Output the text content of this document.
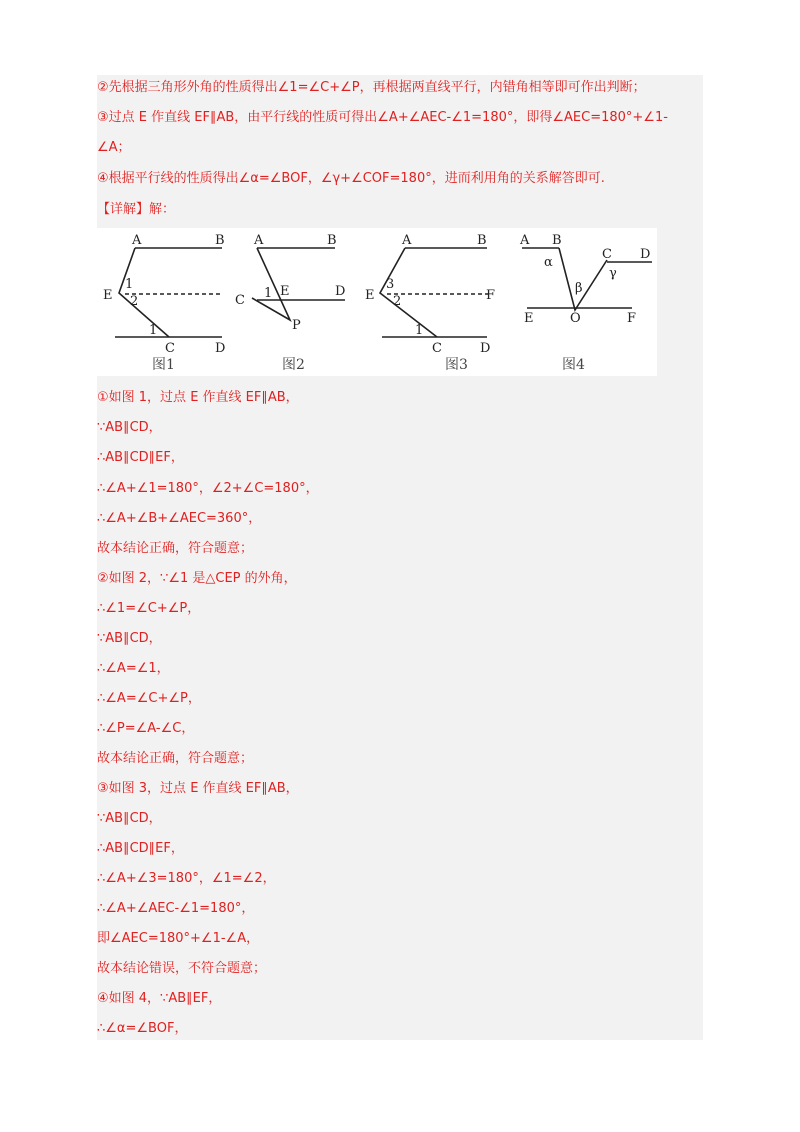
②先根据三角形外角的性质得出∠1=∠C+∠P，再根据两直线平行，内错角相等即可作出判断；
③过点 E 作直线 EF∥AB，由平行线的性质可得出∠A+∠AEC-∠1=180°，即得∠AEC=180°+∠1-
∠A；
④根据平行线的性质得出∠α=∠BOF，∠γ+∠COF=180°，进而利用角的关系解答即可.
【详解】解：
A	B
E
1
2
1
C	D
图1
A	B
C 1 E	D
P
图2
A	B
E
3
2	F
1
C	D
图3
A B
α
C
γ
D
β
E	O	F
图4
①如图 1，过点 E 作直线 EF∥AB，
∵AB∥CD，
∴AB∥CD∥EF，
∴∠A+∠1=180°，∠2+∠C=180°，
∴∠A+∠B+∠AEC=360°，
故本结论正确，符合题意；
②如图 2，∵∠1 是△CEP 的外角，
∴∠1=∠C+∠P，
∵AB∥CD，
∴∠A=∠1，
∴∠A=∠C+∠P，
∴∠P=∠A-∠C，
故本结论正确，符合题意；
③如图 3，过点 E 作直线 EF∥AB，
∵AB∥CD，
∴AB∥CD∥EF，
∴∠A+∠3=180°，∠1=∠2，
∴∠A+∠AEC-∠1=180°，
即∠AEC=180°+∠1-∠A，
故本结论错误，不符合题意；
④如图 4，∵AB∥EF，
∴∠α=∠BOF，
